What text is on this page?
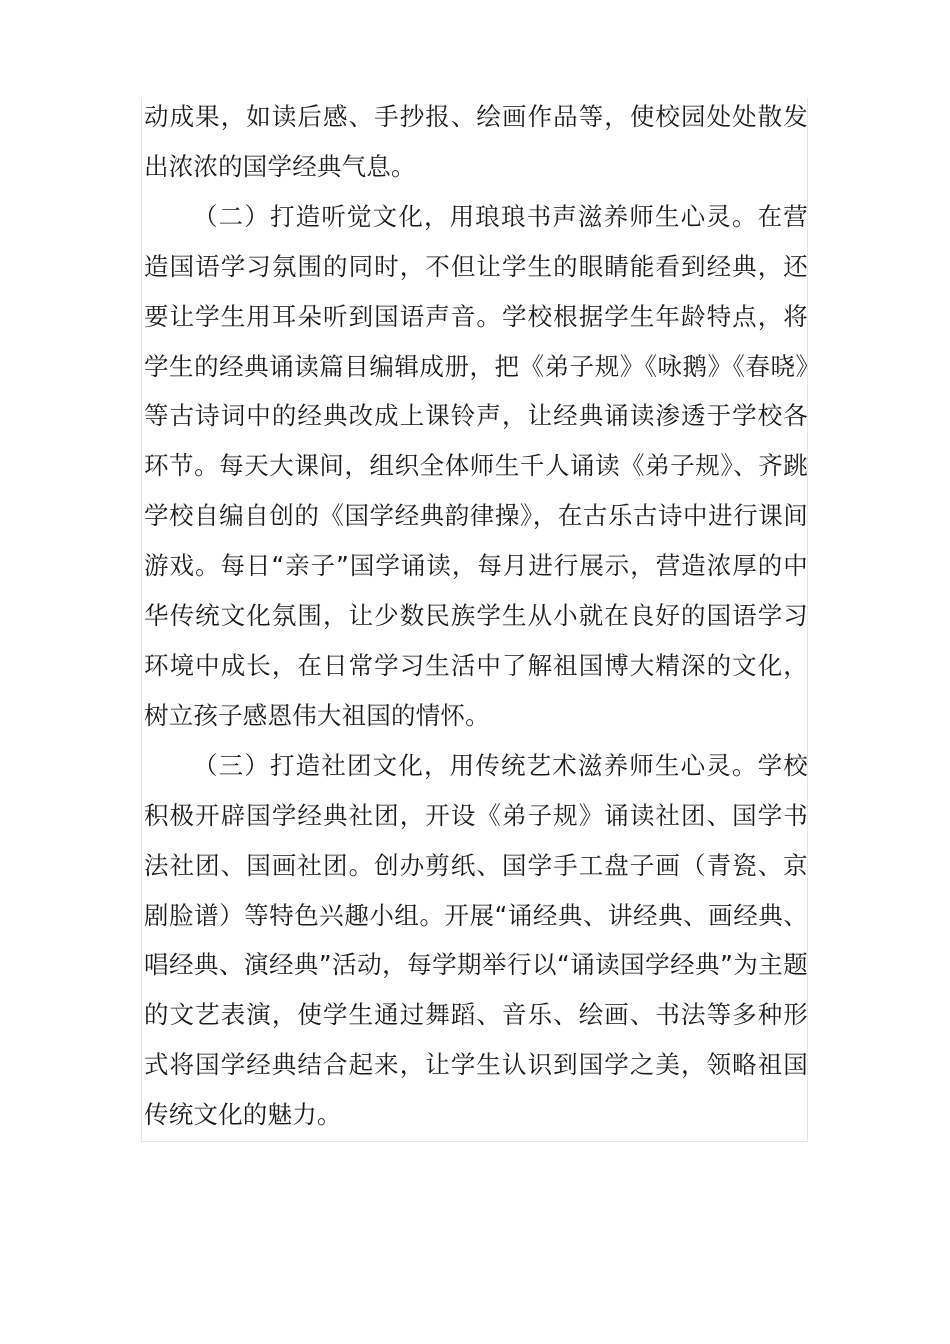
动成果，如读后感、手抄报、绘画作品等，使校园处处散发出浓浓的国学经典气息。

（二）打造听觉文化，用琅琅书声滋养师生心灵。在营造国语学习氛围的同时，不但让学生的眼睛能看到经典，还要让学生用耳朵听到国语声音。学校根据学生年龄特点，将学生的经典诵读篇目编辑成册，把《弟子规》《咏鹅》《春晓》等古诗词中的经典改成上课铃声，让经典诵读渗透于学校各环节。每天大课间，组织全体师生千人诵读《弟子规》、齐跳学校自编自创的《国学经典韵律操》，在古乐古诗中进行课间游戏。每日“亲子”国学诵读，每月进行展示，营造浓厚的中华传统文化氛围，让少数民族学生从小就在良好的国语学习环境中成长，在日常学习生活中了解祖国博大精深的文化，树立孩子感恩伟大祖国的情怀。

（三）打造社团文化，用传统艺术滋养师生心灵。学校积极开辟国学经典社团，开设《弟子规》诵读社团、国学书法社团、国画社团。创办剪纸、国学手工盘子画（青瓷、京剧脸谱）等特色兴趣小组。开展“诵经典、讲经典、画经典、唱经典、演经典”活动，每学期举行以“诵读国学经典”为主题的文艺表演，使学生通过舞蹈、音乐、绘画、书法等多种形式将国学经典结合起来，让学生认识到国学之美，领略祖国传统文化的魅力。
